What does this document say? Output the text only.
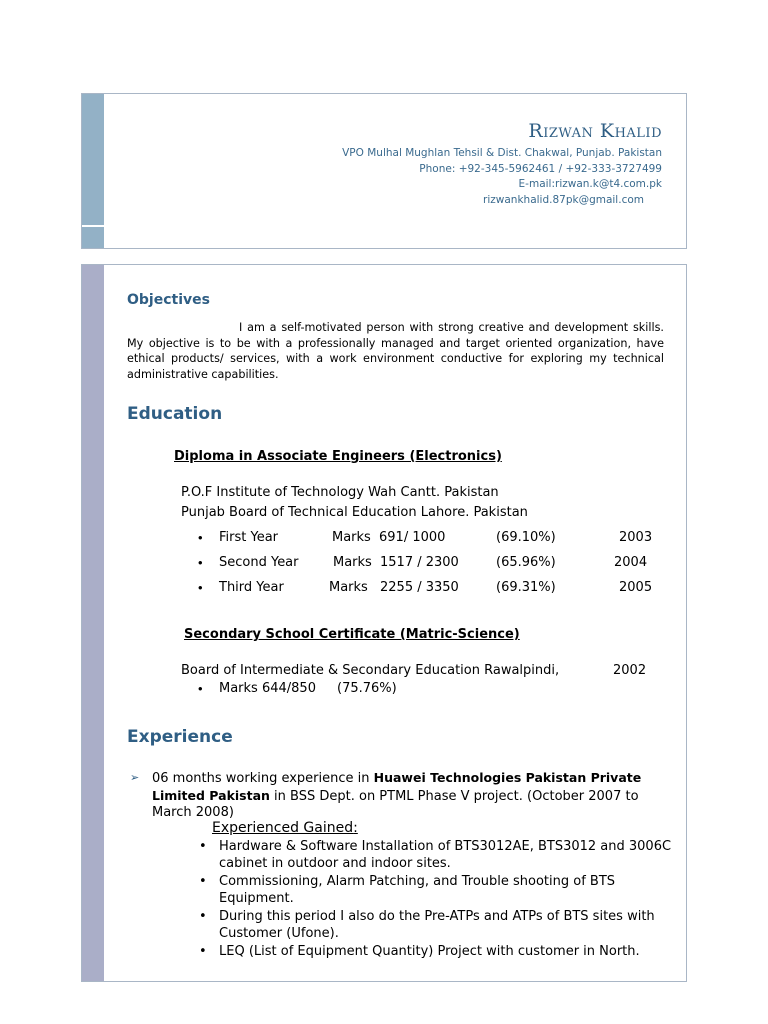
Rizwan Khalid
VPO Mulhal Mughlan Tehsil & Dist. Chakwal, Punjab. Pakistan
Phone: +92-345-5962461 / +92-333-3727499
E-mail:rizwan.k@t4.com.pk
rizwankhalid.87pk@gmail.com
Objectives
I am a self-motivated person with strong creative and development skills. My objective is to be with a professionally managed and target oriented organization, have ethical products/ services, with a work environment conductive for exploring my technical administrative capabilities.
Education
Diploma in Associate Engineers (Electronics)
P.O.F Institute of Technology Wah Cantt. Pakistan
Punjab Board of Technical Education Lahore. Pakistan
• First Year	Marks 691/ 1000	(69.10%)	2003
• Second Year	Marks 1517 / 2300	(65.96%)	2004
• Third Year	Marks 2255 / 3350	(69.31%)	2005
Secondary School Certificate (Matric-Science)
Board of Intermediate & Secondary Education Rawalpindi,	2002
• Marks 644/850 (75.76%)
Experience
➢ 06 months working experience in Huawei Technologies Pakistan Private Limited Pakistan in BSS Dept. on PTML Phase V project. (October 2007 to March 2008)
Experienced Gained:
• Hardware & Software Installation of BTS3012AE, BTS3012 and 3006C cabinet in outdoor and indoor sites.
• Commissioning, Alarm Patching, and Trouble shooting of BTS Equipment.
• During this period I also do the Pre-ATPs and ATPs of BTS sites with Customer (Ufone).
• LEQ (List of Equipment Quantity) Project with customer in North.
